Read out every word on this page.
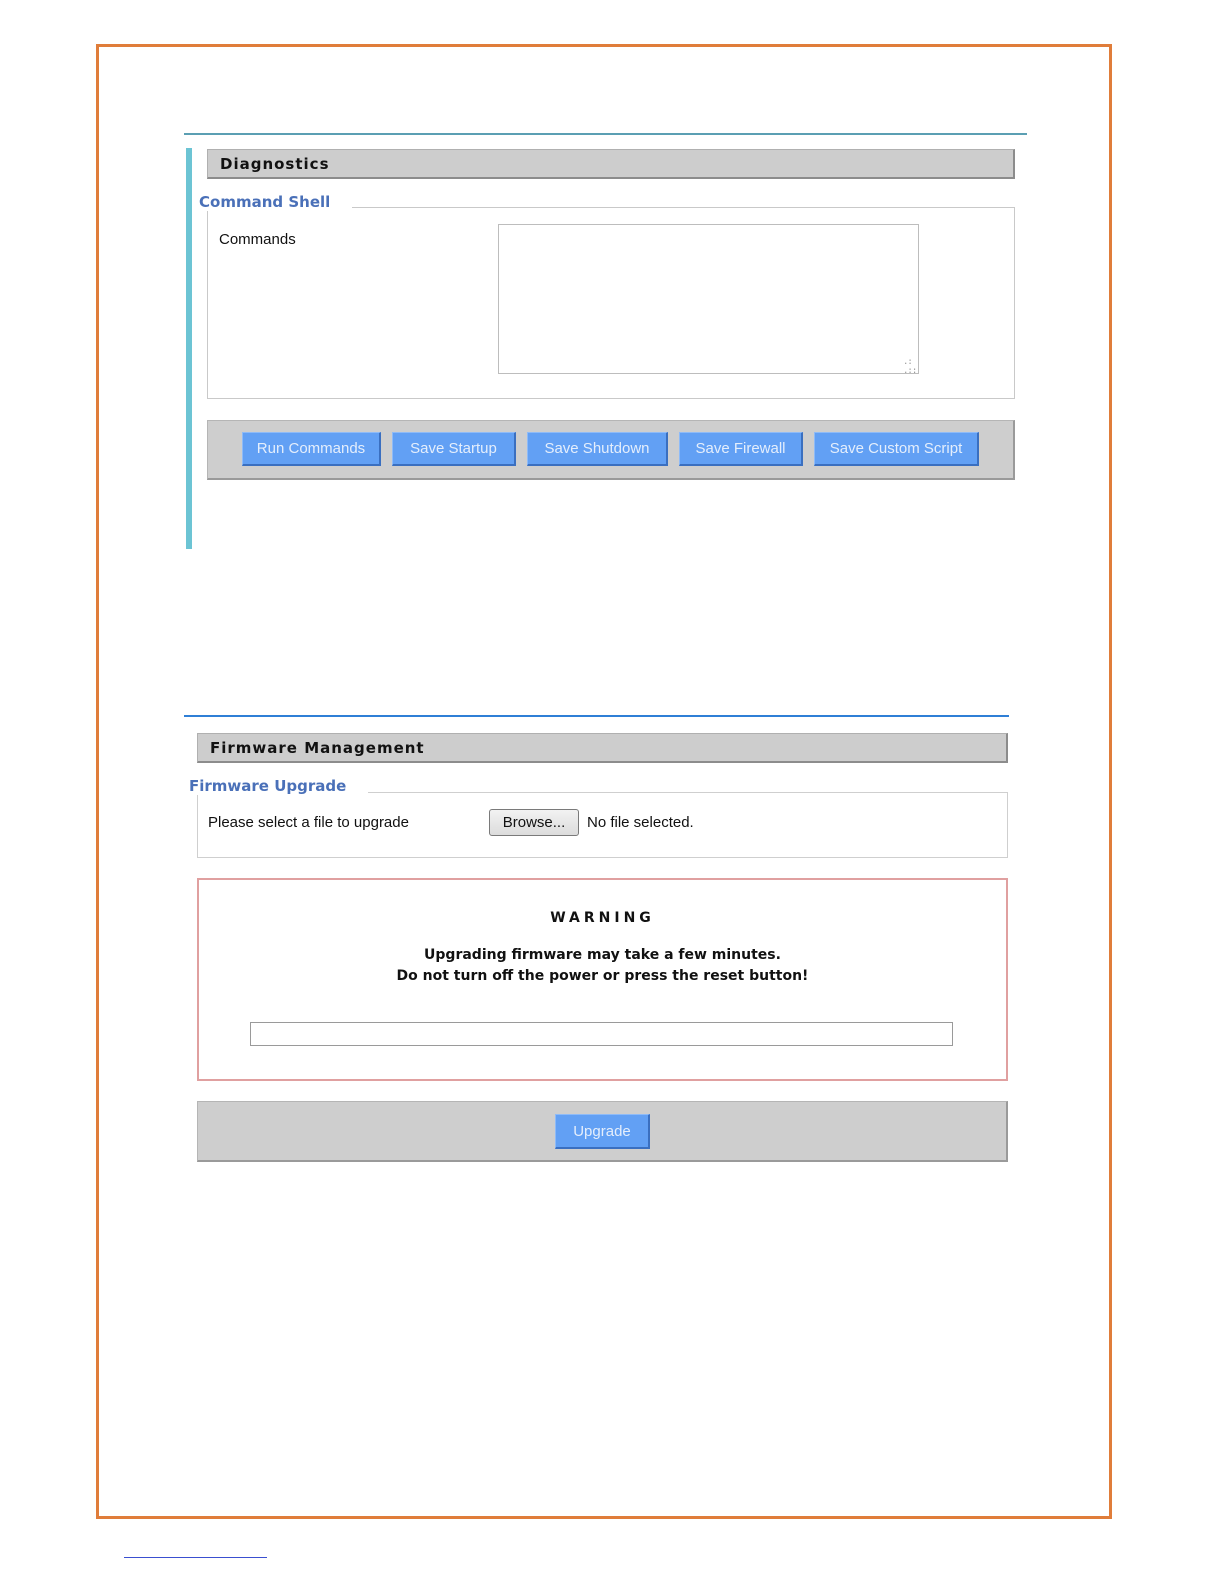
Diagnostics
Command Shell
Commands
.:
.::
Run Commands	Save Startup	Save Shutdown	Save Firewall	Save Custom Script
Firmware Management
Firmware Upgrade
Please select a file to upgrade	Browse...	No file selected.
WARNING
Upgrading firmware may take a few minutes.
Do not turn off the power or press the reset button!
Upgrade
